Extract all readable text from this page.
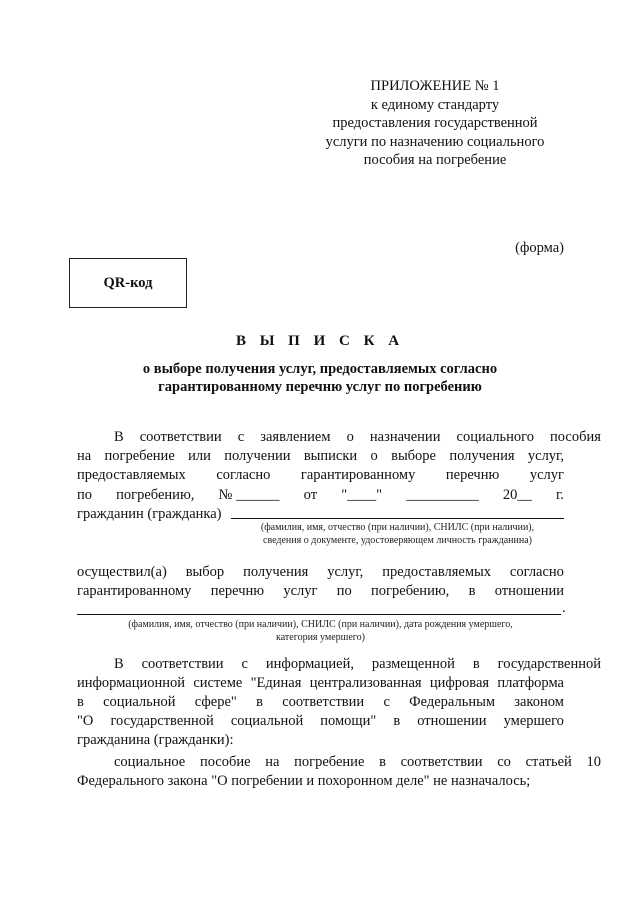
ПРИЛОЖЕНИЕ № 1
к единому стандарту
предоставления государственной
услуги по назначению социального
пособия на погребение
(форма)
QR-код
В Ы П И С К А
о выборе получения услуг, предоставляемых согласно
гарантированному перечню услуг по погребению
В соответствии с заявлением о назначении социального пособия
на погребение или получении выписки о выборе получения услуг,
предоставляемых согласно гарантированному перечню услуг
по погребению, № ______ от "____" __________ 20__ г.
гражданин (гражданка)
(фамилия, имя, отчество (при наличии), СНИЛС (при наличии),
сведения о документе, удостоверяющем личность гражданина)
осуществил(а) выбор получения услуг, предоставляемых согласно
гарантированному перечню услуг по погребению, в отношении
.
(фамилия, имя, отчество (при наличии), СНИЛС (при наличии), дата рождения умершего,
категория умершего)
В соответствии с информацией, размещенной в государственной
информационной системе "Единая централизованная цифровая платформа
в социальной сфере" в соответствии с Федеральным законом
"О государственной социальной помощи" в отношении умершего
гражданина (гражданки):
социальное пособие на погребение в соответствии со статьей 10
Федерального закона "О погребении и похоронном деле" не назначалось;
